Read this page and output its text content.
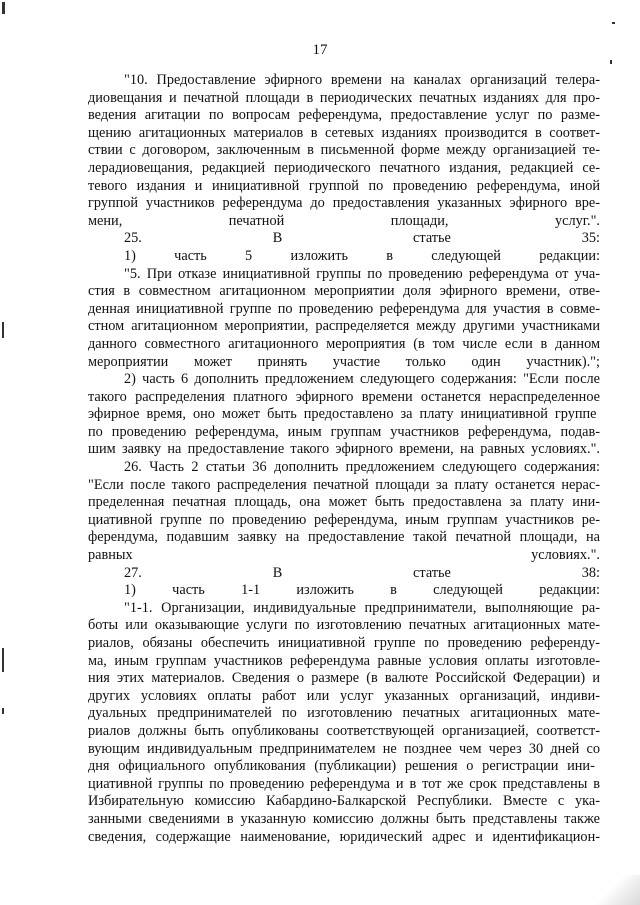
17
"10. Предоставление эфирного времени на каналах организаций телера-
диовещания и печатной площади в периодических печатных изданиях для про-
ведения агитации по вопросам референдума, предоставление услуг по разме-
щению агитационных материалов в сетевых изданиях производится в соответ-
ствии с договором, заключенным в письменной форме между организацией те-
лерадиовещания, редакцией периодического печатного издания, редакцией се-
тевого издания и инициативной группой по проведению референдума, иной
группой участников референдума до предоставления указанных эфирного вре-
мени, печатной площади, услуг.".
25. В статье 35:
1) часть 5 изложить в следующей редакции:
"5. При отказе инициативной группы по проведению референдума от уча-
стия в совместном агитационном мероприятии доля эфирного времени, отве-
денная инициативной группе по проведению референдума для участия в совме-
стном агитационном мероприятии, распределяется между другими участниками
данного совместного агитационного мероприятия (в том числе если в данном
мероприятии может принять участие только один участник).";
2) часть 6 дополнить предложением следующего содержания: "Если после
такого распределения платного эфирного времени останется нераспределенное
эфирное время, оно может быть предоставлено за плату инициативной группе
по проведению референдума, иным группам участников референдума, подав-
шим заявку на предоставление такого эфирного времени, на равных условиях.".
26. Часть 2 статьи 36 дополнить предложением следующего содержания:
"Если после такого распределения печатной площади за плату останется нерас-
пределенная печатная площадь, она может быть предоставлена за плату ини-
циативной группе по проведению референдума, иным группам участников ре-
ферендума, подавшим заявку на предоставление такой печатной площади, на
равных условиях.".
27. В статье 38:
1) часть 1-1 изложить в следующей редакции:
"1-1. Организации, индивидуальные предприниматели, выполняющие ра-
боты или оказывающие услуги по изготовлению печатных агитационных мате-
риалов, обязаны обеспечить инициативной группе по проведению референду-
ма, иным группам участников референдума равные условия оплаты изготовле-
ния этих материалов. Сведения о размере (в валюте Российской Федерации) и
других условиях оплаты работ или услуг указанных организаций, индиви-
дуальных предпринимателей по изготовлению печатных агитационных мате-
риалов должны быть опубликованы соответствующей организацией, соответст-
вующим индивидуальным предпринимателем не позднее чем через 30 дней со
дня официального опубликования (публикации) решения о регистрации ини-
циативной группы по проведению референдума и в тот же срок представлены в
Избирательную комиссию Кабардино-Балкарской Республики. Вместе с ука-
занными сведениями в указанную комиссию должны быть представлены также
сведения, содержащие наименование, юридический адрес и идентификацион-
